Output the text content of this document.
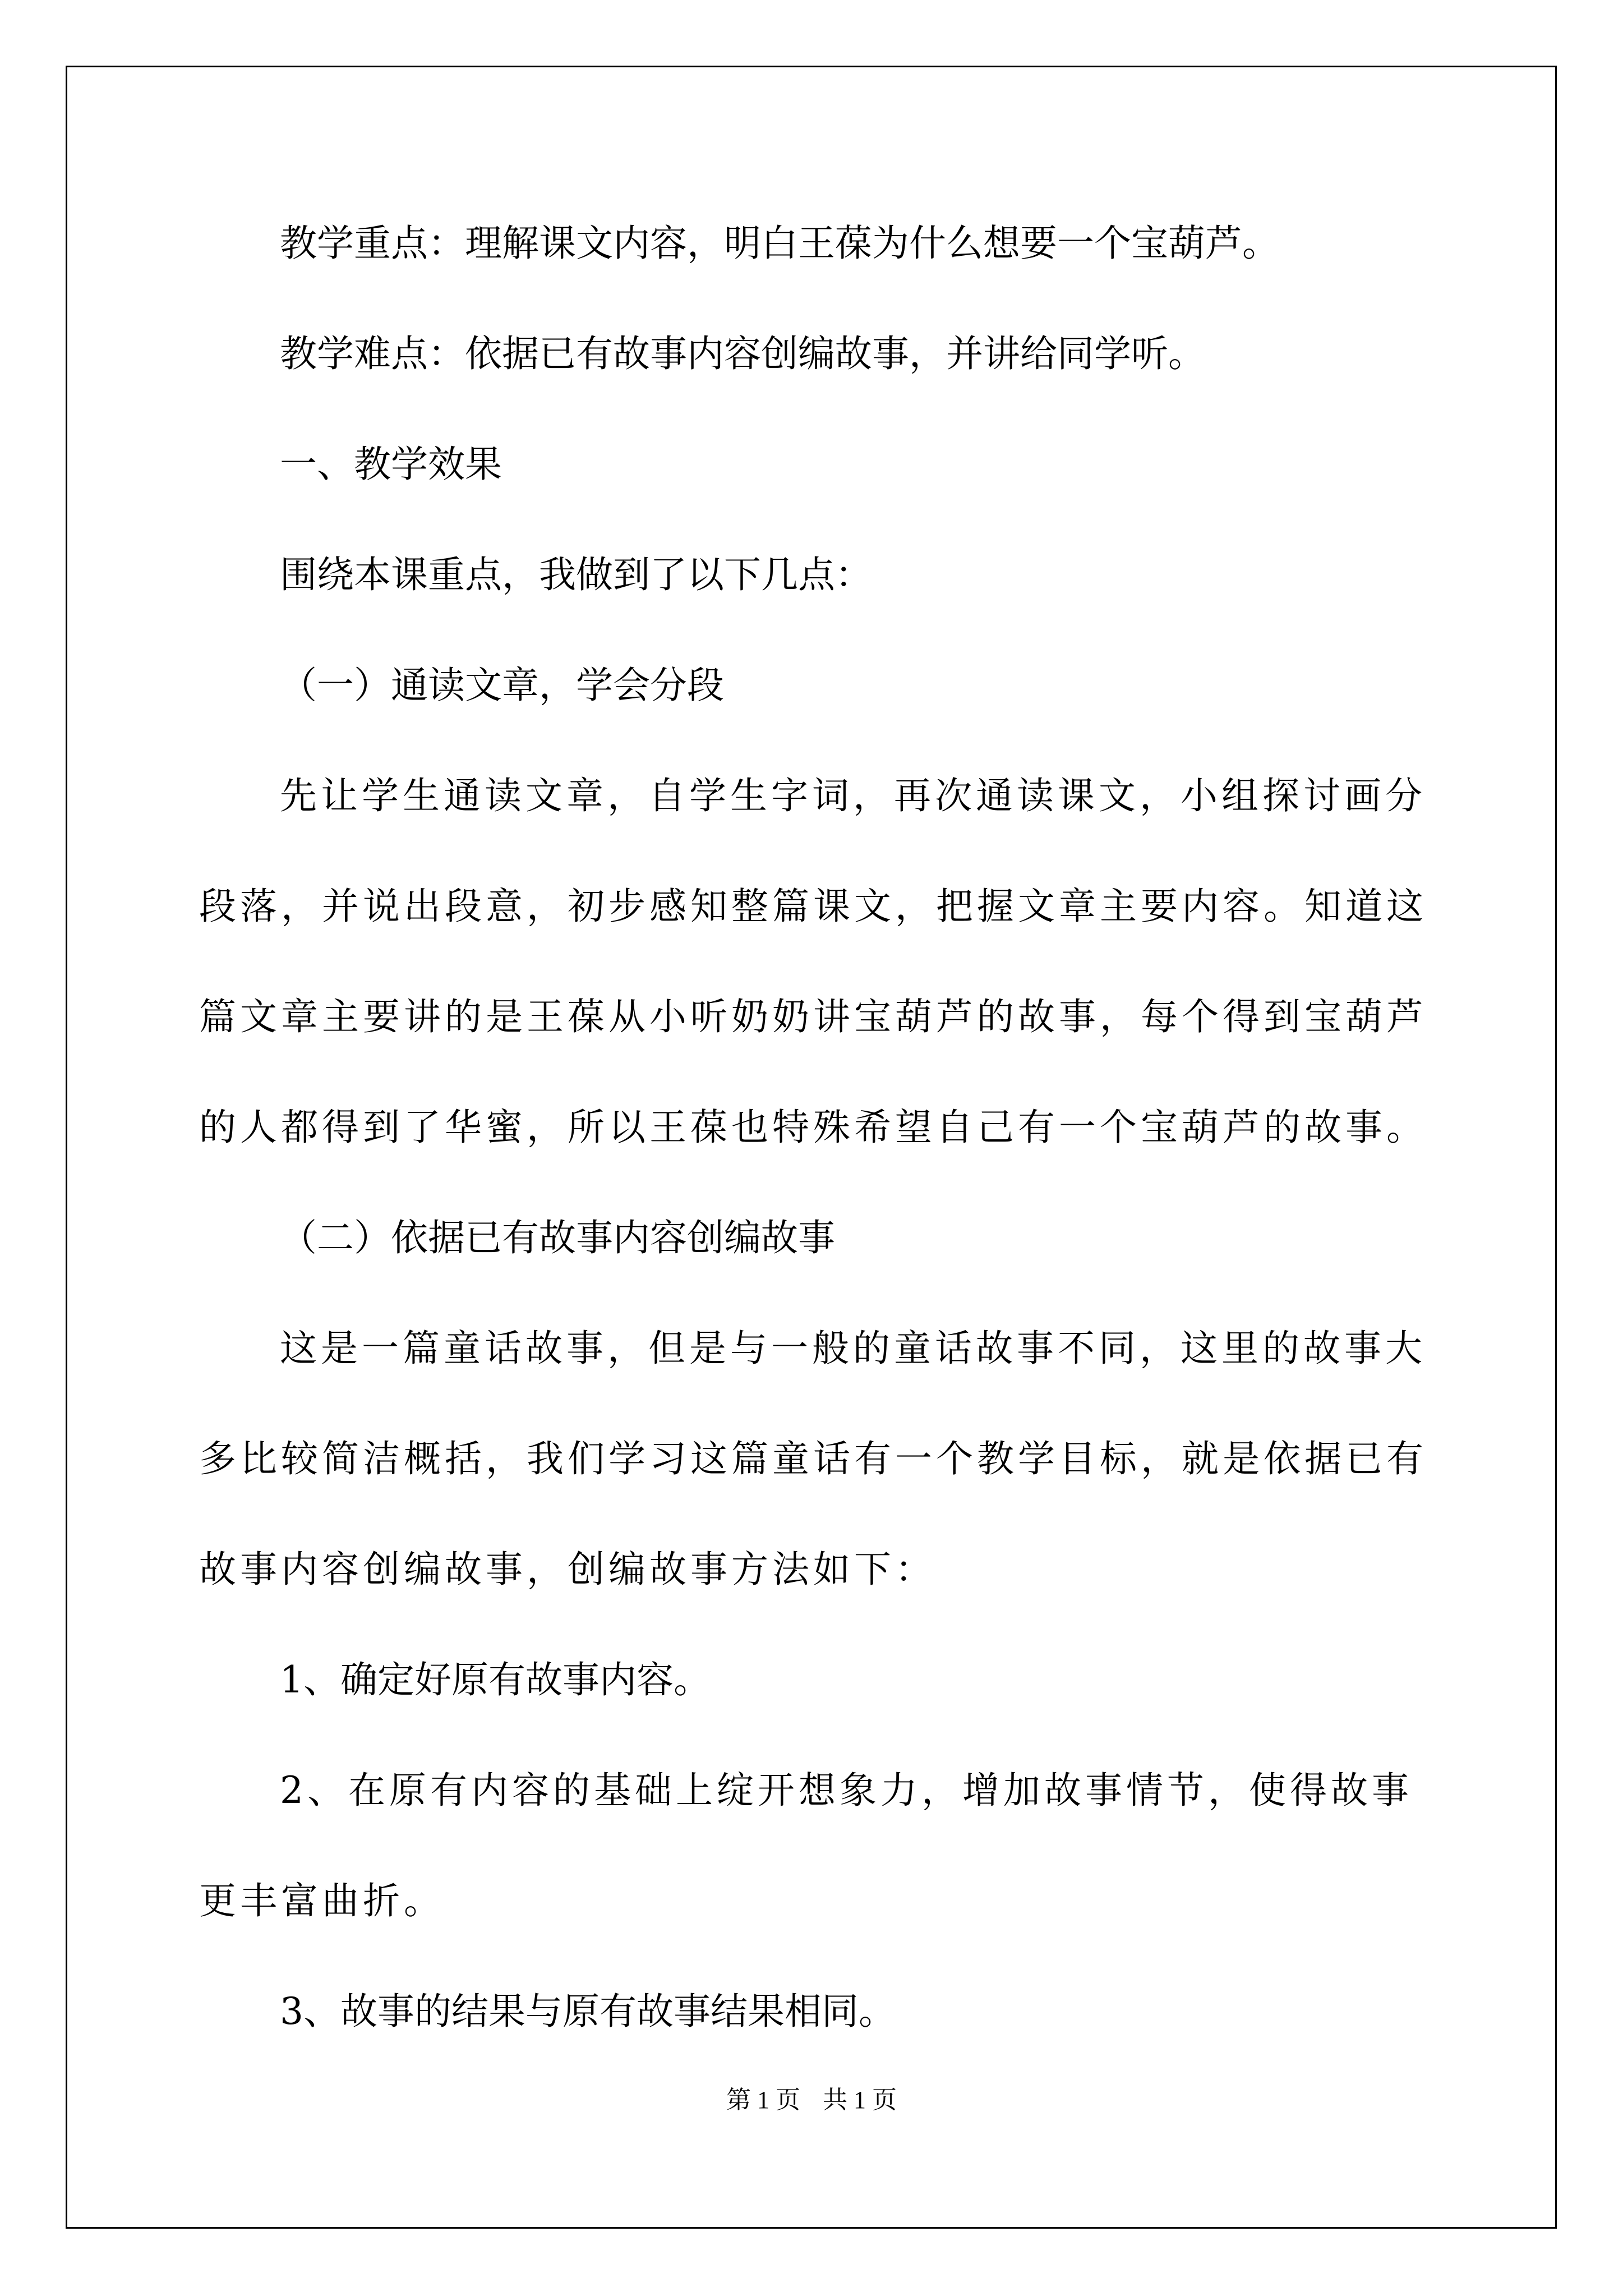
教学重点：理解课文内容，明白王葆为什么想要一个宝葫芦。

教学难点：依据已有故事内容创编故事，并讲给同学听。

一、教学效果

围绕本课重点，我做到了以下几点：

（一）通读文章，学会分段

先让学生通读文章，自学生字词，再次通读课文，小组探讨画分段落，并说出段意，初步感知整篇课文，把握文章主要内容。知道这篇文章主要讲的是王葆从小听奶奶讲宝葫芦的故事，每个得到宝葫芦的人都得到了华蜜，所以王葆也特殊希望自己有一个宝葫芦的故事。

（二）依据已有故事内容创编故事

这是一篇童话故事，但是与一般的童话故事不同，这里的故事大多比较简洁概括，我们学习这篇童话有一个教学目标，就是依据已有故事内容创编故事，创编故事方法如下：

1、确定好原有故事内容。

2、在原有内容的基础上绽开想象力，增加故事情节，使得故事更丰富曲折。

3、故事的结果与原有故事结果相同。

第 1 页 共 1 页
